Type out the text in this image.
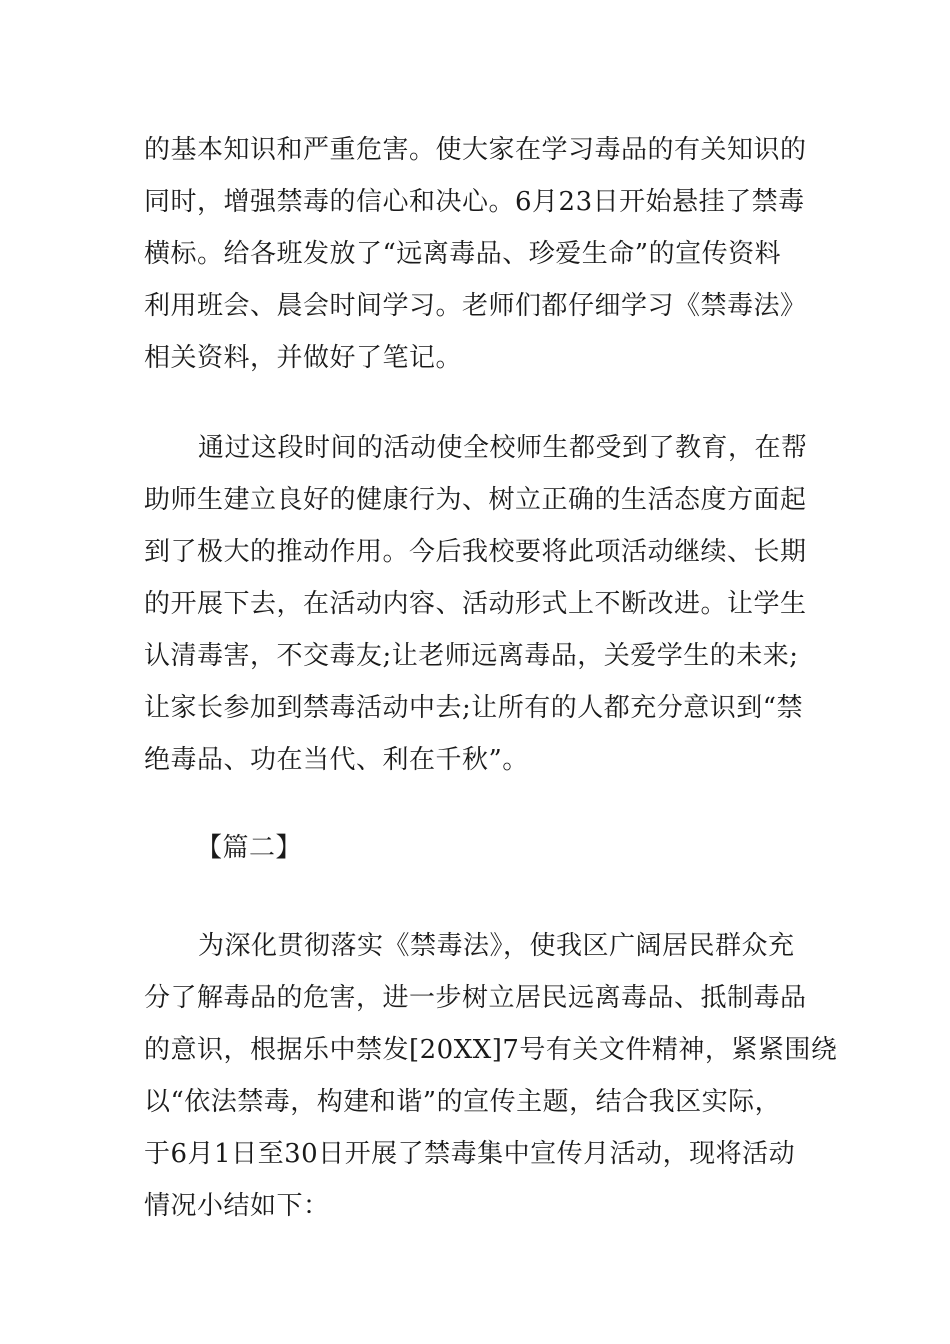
的基本知识和严重危害。使大家在学习毒品的有关知识的
同时，增强禁毒的信心和决心。6月23日开始悬挂了禁毒
横标。给各班发放了“远离毒品、珍爱生命”的宣传资料
利用班会、晨会时间学习。老师们都仔细学习《禁毒法》
相关资料，并做好了笔记。
通过这段时间的活动使全校师生都受到了教育，在帮
助师生建立良好的健康行为、树立正确的生活态度方面起
到了极大的推动作用。今后我校要将此项活动继续、长期
的开展下去，在活动内容、活动形式上不断改进。让学生
认清毒害，不交毒友;让老师远离毒品，关爱学生的未来;
让家长参加到禁毒活动中去;让所有的人都充分意识到“禁
绝毒品、功在当代、利在千秋”。
【篇二】
为深化贯彻落实《禁毒法》，使我区广阔居民群众充
分了解毒品的危害，进一步树立居民远离毒品、抵制毒品
的意识，根据乐中禁发[20XX]7号有关文件精神，紧紧围绕
以“依法禁毒，构建和谐”的宣传主题，结合我区实际，
于6月1日至30日开展了禁毒集中宣传月活动，现将活动
情况小结如下：
